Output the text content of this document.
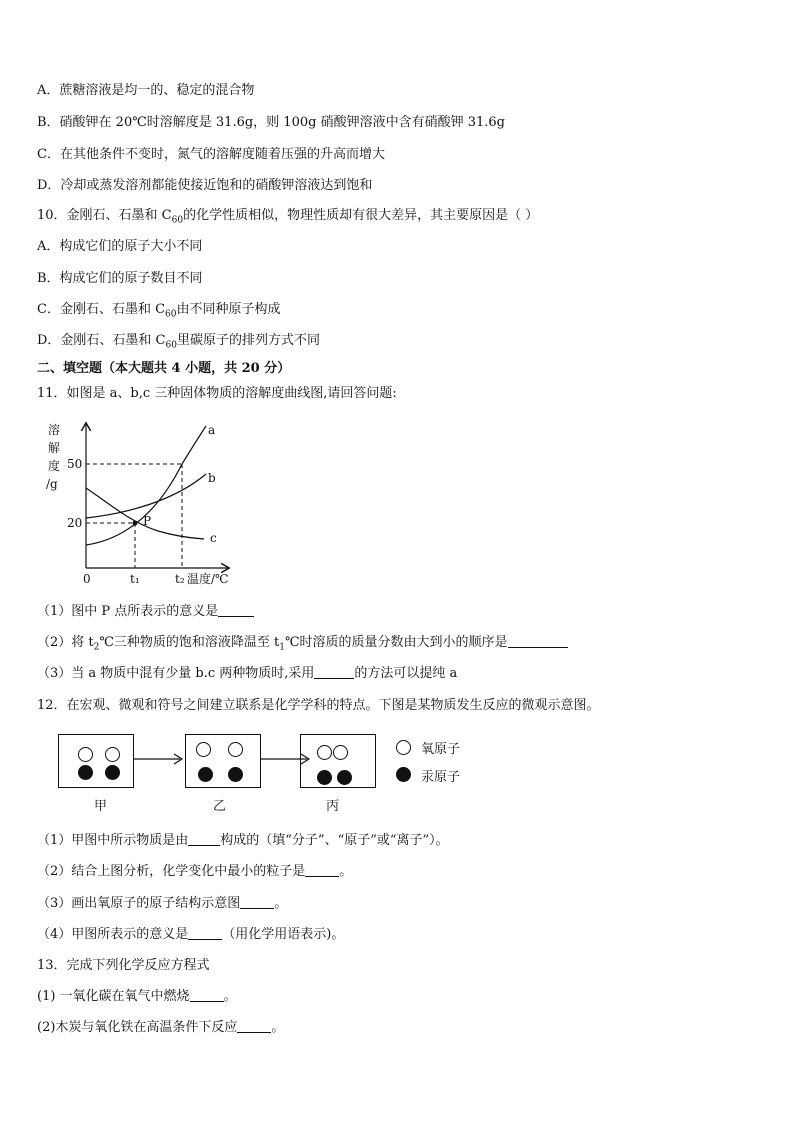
A．蔗糖溶液是均一的、稳定的混合物
B．硝酸钾在 20℃时溶解度是 31.6g，则 100g 硝酸钾溶液中含有硝酸钾 31.6g
C．在其他条件不变时，氮气的溶解度随着压强的升高而增大
D．冷却或蒸发溶剂都能使接近饱和的硝酸钾溶液达到饱和
10．金刚石、石墨和 $C_{60}$的化学性质相似，物理性质却有很大差异，其主要原因是（ ）
A．构成它们的原子大小不同
B．构成它们的原子数目不同
C．金刚石、石墨和 $C_{60}$由不同种原子构成
D．金刚石、石墨和 $C_{60}$里碳原子的排列方式不同
二、填空题（本大题共 4 小题，共 20 分）
11．如图是 a、b,c 三种固体物质的溶解度曲线图,请回答问题:
P
a
b
c
溶
解
度
/g
50
20
0	t₁	t₂ 温度/℃
（1）图中 P 点所表示的意义是
（2）将 $t_2℃$三种物质的饱和溶液降温至 $t_1℃$时溶质的质量分数由大到小的顺序是
（3）当 a 物质中混有少量 b.c 两种物质时,采用	的方法可以提纯 a
12．在宏观、微观和符号之间建立联系是化学学科的特点。下图是某物质发生反应的微观示意图。
甲	乙	丙
氧原子
汞原子
（1）甲图中所示物质是由 构成的（填“分子”、“原子”或“离子”）。
（2）结合上图分析，化学变化中最小的粒子是	。
（3）画出氧原子的原子结构示意图	。
（4）甲图所表示的意义是	（用化学用语表示)。
13．完成下列化学反应方程式
(1) 一氧化碳在氧气中燃烧	。
(2)木炭与氧化铁在高温条件下反应	。
